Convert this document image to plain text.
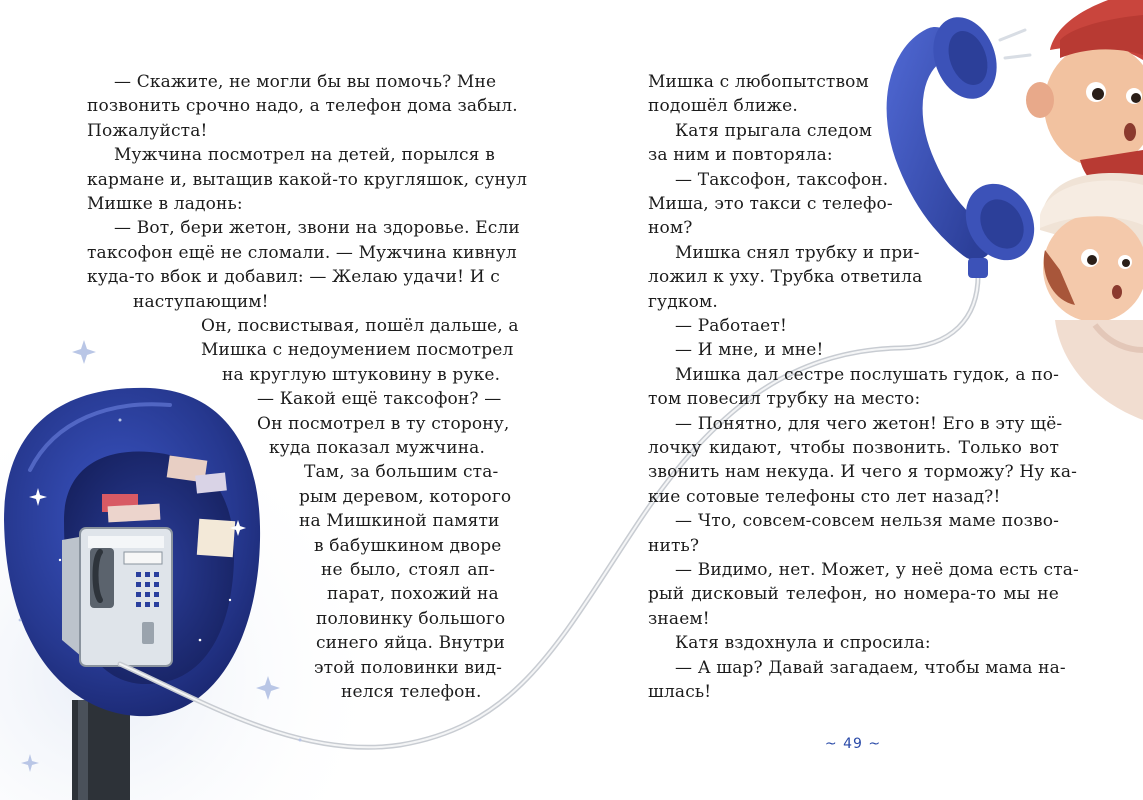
— Скажите, не могли бы вы помочь? Мне

позвонить срочно надо, а телефон дома забыл.

Пожалуйста!

Мужчина посмотрел на детей, порылся в

кармане и, вытащив какой-то кругляшок, сунул

Мишке в ладонь:

— Вот, бери жетон, звони на здоровье. Если

таксофон ещё не сломали. — Мужчина кивнул

куда-то вбок и добавил: — Желаю удачи! И с

наступающим!

Он, посвистывая, пошёл дальше, а

Мишка с недоумением посмотрел

на круглую штуковину в руке.

— Какой ещё таксофон? —

Он посмотрел в ту сторону,

куда показал мужчина.

Там, за большим ста-

рым деревом, которого

на Мишкиной памяти

в бабушкином дворе

не было, стоял ап-

парат, похожий на

половинку большого

синего яйца. Внутри

этой половинки вид-

нелся телефон.

Мишка с любопытством

подошёл ближе.

Катя прыгала следом

за ним и повторяла:

— Таксофон, таксофон.

Миша, это такси с телефо-

ном?

Мишка снял трубку и при-

ложил к уху. Трубка ответила

гудком.

— Работает!

— И мне, и мне!

Мишка дал сестре послушать гудок, а по-

том повесил трубку на место:

— Понятно, для чего жетон! Его в эту щё-

лочку кидают, чтобы позвонить. Только вот

звонить нам некуда. И чего я торможу? Ну ка-

кие сотовые телефоны сто лет назад?!

— Что, совсем-совсем нельзя маме позво-

нить?

— Видимо, нет. Может, у неё дома есть ста-

рый дисковый телефон, но номера-то мы не

знаем!

Катя вздохнула и спросила:

— А шар? Давай загадаем, чтобы мама на-

шлась!

~ 49 ~
